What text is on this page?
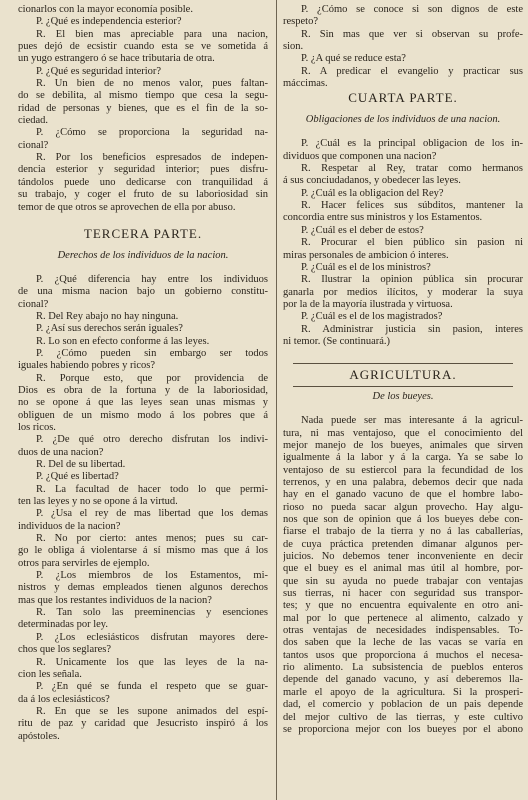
cionarlos con la mayor economía posible.
P. ¿Qué es independencia esterior?
R. El bien mas apreciable para una nacion,
pues dejó de ecsistir cuando esta se ve sometida á
un yugo estrangero ó se hace tributaria de otra.
P. ¿Qué es seguridad interior?
R. Un bien de no menos valor, pues faltan-
do se debilita, al mismo tiempo que cesa la segu-
ridad de personas y bienes, que es el fin de la so-
ciedad.
P. ¿Cómo se proporciona la seguridad na-
cional?
R. Por los beneficios espresados de indepen-
dencia esterior y seguridad interior; pues disfru-
tándolos puede uno dedicarse con tranquilidad á
su trabajo, y coger el fruto de su laboriosidad sin
temor de que otros se aprovechen de ella por abuso.
TERCERA PARTE.
Derechos de los individuos de la nacion.
P. ¿Qué diferencia hay entre los individuos
de una misma nacion bajo un gobierno constitu-
cional?
R. Del Rey abajo no hay ninguna.
P. ¿Así sus derechos serán iguales?
R. Lo son en efecto conforme á las leyes.
P. ¿Cómo pueden sin embargo ser todos
iguales habiendo pobres y ricos?
R. Porque esto, que por providencia de
Dios es obra de la fortuna y de la laboriosidad,
no se opone á que las leyes sean unas mismas y
obliguen de un mismo modo á los pobres que á
los ricos.
P. ¿De qué otro derecho disfrutan los indivi-
duos de una nacion?
R. Del de su libertad.
P. ¿Qué es libertad?
R. La facultad de hacer todo lo que permi-
ten las leyes y no se opone á la virtud.
P. ¿Usa el rey de mas libertad que los demas
individuos de la nacion?
R. No por cierto: antes menos; pues su car-
go le obliga á violentarse á sí mismo mas que á los
otros para servirles de ejemplo.
P. ¿Los miembros de los Estamentos, mi-
nistros y demas empleados tienen algunos derechos
mas que los restantes individuos de la nacion?
R. Tan solo las preeminencias y esenciones
determinadas por ley.
P. ¿Los eclesiásticos disfrutan mayores dere-
chos que los seglares?
R. Unicamente los que las leyes de la na-
cion les señala.
P. ¿En qué se funda el respeto que se guar-
da á los eclesiásticos?
R. En que se les supone animados del espí-
ritu de paz y caridad que Jesucristo inspiró á los
apóstoles.
P. ¿Cómo se conoce si son dignos de este
respeto?
R. Sin mas que ver si observan su profe-
sion.
P. ¿A qué se reduce esta?
R. A predicar el evangelio y practicar sus
máccimas.
CUARTA PARTE.
Obligaciones de los individuos de una nacion.
P. ¿Cuál es la principal obligacion de los in-
dividuos que componen una nacion?
R. Respetar al Rey, tratar como hermanos
á sus conciudadanos, y obedecer las leyes.
P. ¿Cuál es la obligacion del Rey?
R. Hacer felices sus súbditos, mantener la
concordia entre sus ministros y los Estamentos.
P. ¿Cuál es el deber de estos?
R. Procurar el bien público sin pasion ni
miras personales de ambicion ó interes.
P. ¿Cuál es el de los ministros?
R. Ilustrar la opinion pública sin procurar
ganarla por medios ilícitos, y moderar la suya
por la de la mayoría ilustrada y virtuosa.
P. ¿Cuál es el de los magistrados?
R. Administrar justicia sin pasion, interes
ni temor. (Se continuará.)
AGRICULTURA.
De los bueyes.
Nada puede ser mas interesante á la agricul-
tura, ni mas ventajoso, que el conocimiento del
mejor manejo de los bueyes, animales que sirven
igualmente á la labor y á la carga. Ya se sabe lo
ventajoso de su estiercol para la fecundidad de los
terrenos, y en una palabra, debemos decir que nada
hay en el ganado vacuno de que el hombre labo-
rioso no pueda sacar algun provecho. Hay algu-
nos que son de opinion que á los bueyes debe con-
fiarse el trabajo de la tierra y no á las caballerías,
de cuya práctica pretenden dimanar algunos per-
juicios. No debemos tener inconveniente en decir
que el buey es el animal mas útil al hombre, por-
que sin su ayuda no puede trabajar con ventajas
sus tierras, ni hacer con seguridad sus transpor-
tes; y que no encuentra equivalente en otro ani-
mal por lo que pertenece al alimento, calzado y
otras ventajas de necesidades indispensables. To-
dos saben que la leche de las vacas se varía en
tantos usos que proporciona á muchos el necesa-
rio alimento. La subsistencia de pueblos enteros
depende del ganado vacuno, y así deberemos lla-
marle el apoyo de la agricultura. Si la prosperi-
dad, el comercio y poblacion de un pais depende
del mejor cultivo de las tierras, y este cultivo
se proporciona mejor con los bueyes por el abono
